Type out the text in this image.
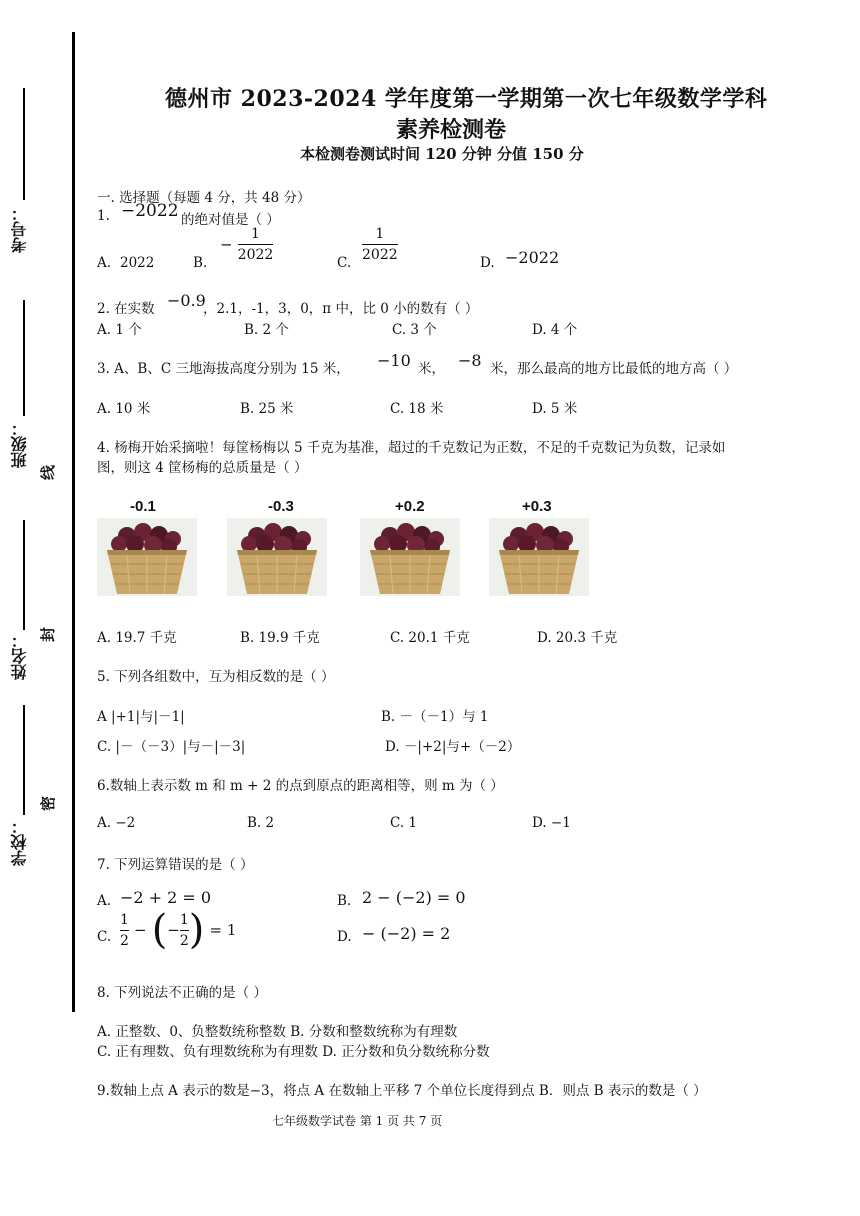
考号：
班级：
姓名：
学校：
线
封
密
德州市 2023-2024 学年度第一学期第一次七年级数学学科
素养检测卷
本检测卷测试时间 120 分钟 分值 150 分
一. 选择题（每题 4 分，共 48 分）
1. −2022 的绝对值是（ ）
A. 2022	B.
− $\frac{1}{2022}$	C. $\frac{1}{2022}$	D. −2022
2. 在实数 −0.9
，2.1，-1，3，0，π 中，比 0 小的数有（ ）
A. 1 个	B. 2 个	C. 3 个	D. 4 个
3. A、B、C 三地海拔高度分别为 15 米， −10 米， −8 米，那么最高的地方比最低的地方高（ ）
A. 10 米	B. 25 米	C. 18 米	D. 5 米
4. 杨梅开始采摘啦！每筐杨梅以 5 千克为基准，超过的千克数记为正数，不足的千克数记为负数，记录如
图，则这 4 筐杨梅的总质量是（ ）
-0.1	-0.3	+0.2	+0.3
A. 19.7 千克	B. 19.9 千克	C. 20.1 千克	D. 20.3 千克
5. 下列各组数中，互为相反数的是（ ）
A |+1|与|－1|	B. －（－1）与 1
C. |－（－3）|与－|－3|	D. －|+2|与+（－2）
6.数轴上表示数 m 和 m + 2 的点到原点的距离相等，则 m 为（ ）
A. −2	B. 2	C. 1	D. −1
7. 下列运算错误的是（ ）
A. −2 + 2 = 0	B. 2 − (−2) = 0
C. $\frac{1}{2}$ − (− $\frac{1}{2}$ ) = 1	D. − (−2) = 2
8. 下列说法不正确的是（ ）
A. 正整数、0、负整数统称整数 B. 分数和整数统称为有理数
C. 正有理数、负有理数统称为有理数 D. 正分数和负分数统称分数
9.数轴上点 A 表示的数是−3，将点 A 在数轴上平移 7 个单位长度得到点 B．则点 B 表示的数是（ ）
七年级数学试卷 第 1 页 共 7 页
